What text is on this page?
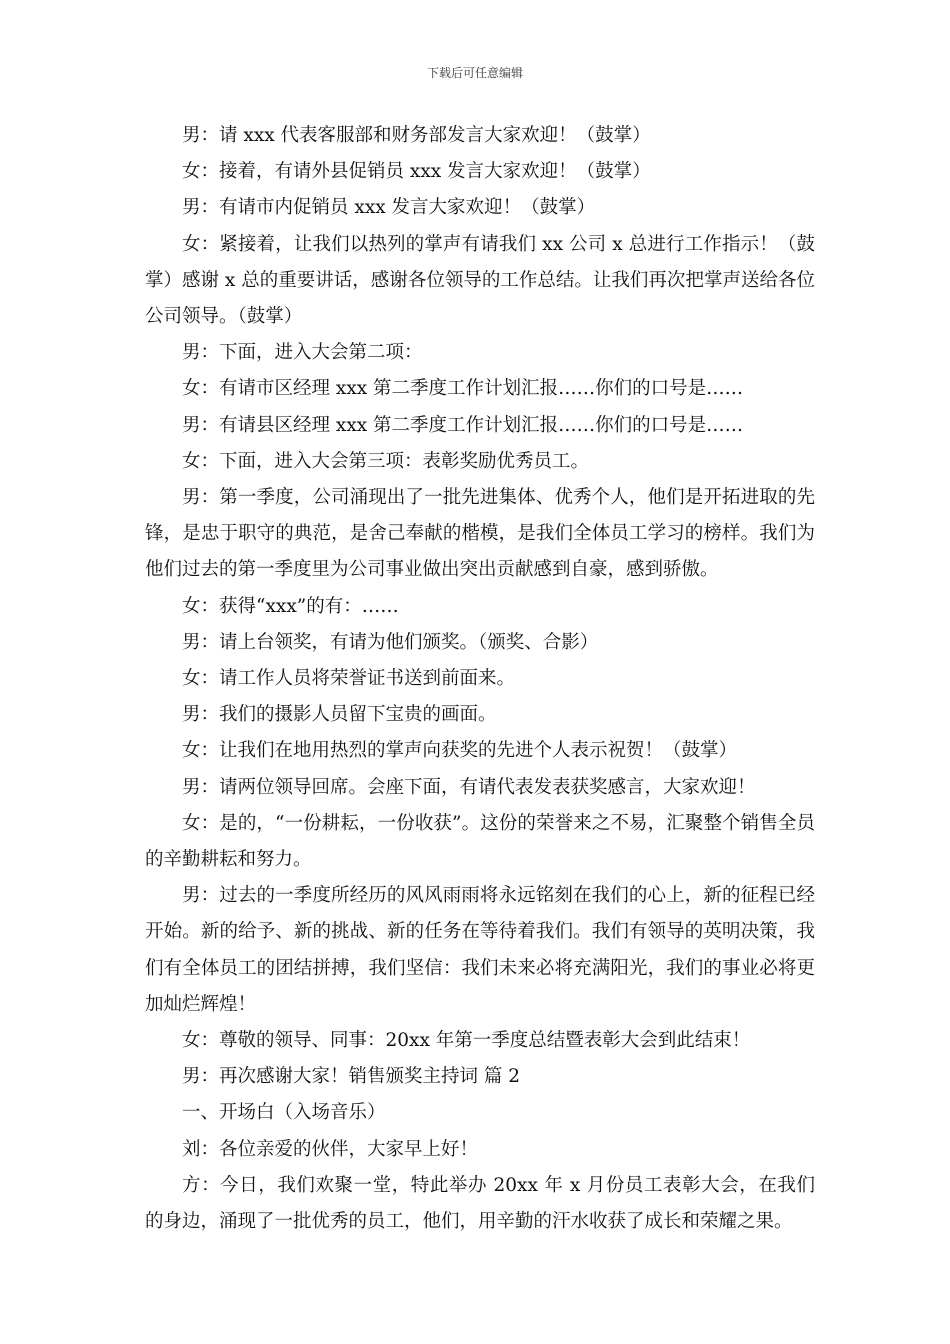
下载后可任意编辑

男：请 xxx 代表客服部和财务部发言大家欢迎！（鼓掌）

女：接着，有请外县促销员 xxx 发言大家欢迎！（鼓掌）

男：有请市内促销员 xxx 发言大家欢迎！（鼓掌）

女：紧接着，让我们以热列的掌声有请我们 xx 公司 x 总进行工作指示！（鼓掌）感谢 x 总的重要讲话，感谢各位领导的工作总结。让我们再次把掌声送给各位公司领导。（鼓掌）

男：下面，进入大会第二项：

女：有请市区经理 xxx 第二季度工作计划汇报……你们的口号是……

男：有请县区经理 xxx 第二季度工作计划汇报……你们的口号是……

女：下面，进入大会第三项：表彰奖励优秀员工。

男：第一季度，公司涌现出了一批先进集体、优秀个人，他们是开拓进取的先锋，是忠于职守的典范，是舍己奉献的楷模，是我们全体员工学习的榜样。我们为他们过去的第一季度里为公司事业做出突出贡献感到自豪，感到骄傲。

女：获得“xxx”的有：……

男：请上台领奖，有请为他们颁奖。（颁奖、合影）

女：请工作人员将荣誉证书送到前面来。

男：我们的摄影人员留下宝贵的画面。

女：让我们在地用热烈的掌声向获奖的先进个人表示祝贺！（鼓掌）

男：请两位领导回席。会座下面，有请代表发表获奖感言，大家欢迎！

女：是的，“一份耕耘，一份收获”。这份的荣誉来之不易，汇聚整个销售全员的辛勤耕耘和努力。

男：过去的一季度所经历的风风雨雨将永远铭刻在我们的心上，新的征程已经开始。新的给予、新的挑战、新的任务在等待着我们。我们有领导的英明决策，我们有全体员工的团结拼搏，我们坚信：我们未来必将充满阳光，我们的事业必将更加灿烂辉煌！

女：尊敬的领导、同事：20xx 年第一季度总结暨表彰大会到此结束！

男：再次感谢大家！销售颁奖主持词 篇 2

一、开场白（入场音乐）

刘：各位亲爱的伙伴，大家早上好！

方：今日，我们欢聚一堂，特此举办 20xx 年 x 月份员工表彰大会，在我们的身边，涌现了一批优秀的员工，他们，用辛勤的汗水收获了成长和荣耀之果。
